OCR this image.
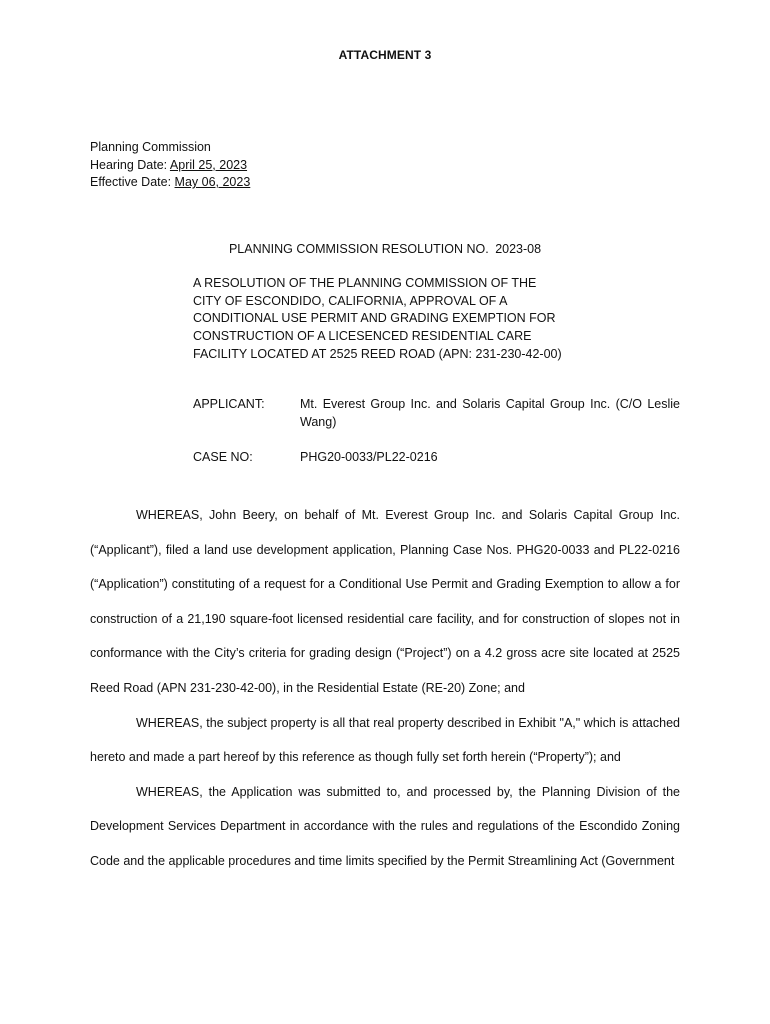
ATTACHMENT 3
Planning Commission
Hearing Date: April 25, 2023
Effective Date: May 06, 2023
PLANNING COMMISSION RESOLUTION NO. 2023-08
A RESOLUTION OF THE PLANNING COMMISSION OF THE CITY OF ESCONDIDO, CALIFORNIA, APPROVAL OF A CONDITIONAL USE PERMIT AND GRADING EXEMPTION FOR CONSTRUCTION OF A LICESENCED RESIDENTIAL CARE FACILITY LOCATED AT 2525 REED ROAD (APN: 231-230-42-00)
APPLICANT:	Mt. Everest Group Inc. and Solaris Capital Group Inc. (C/O Leslie Wang)
CASE NO:	PHG20-0033/PL22-0216

WHEREAS, John Beery, on behalf of Mt. Everest Group Inc. and Solaris Capital Group Inc. (“Applicant”), filed a land use development application, Planning Case Nos. PHG20-0033 and PL22-0216 (“Application”) constituting of a request for a Conditional Use Permit and Grading Exemption to allow a for construction of a 21,190 square-foot licensed residential care facility, and for construction of slopes not in conformance with the City’s criteria for grading design (“Project”) on a 4.2 gross acre site located at 2525 Reed Road (APN 231-230-42-00), in the Residential Estate (RE-20) Zone; and

WHEREAS, the subject property is all that real property described in Exhibit "A," which is attached hereto and made a part hereof by this reference as though fully set forth herein (“Property”); and

WHEREAS, the Application was submitted to, and processed by, the Planning Division of the Development Services Department in accordance with the rules and regulations of the Escondido Zoning Code and the applicable procedures and time limits specified by the Permit Streamlining Act (Government
